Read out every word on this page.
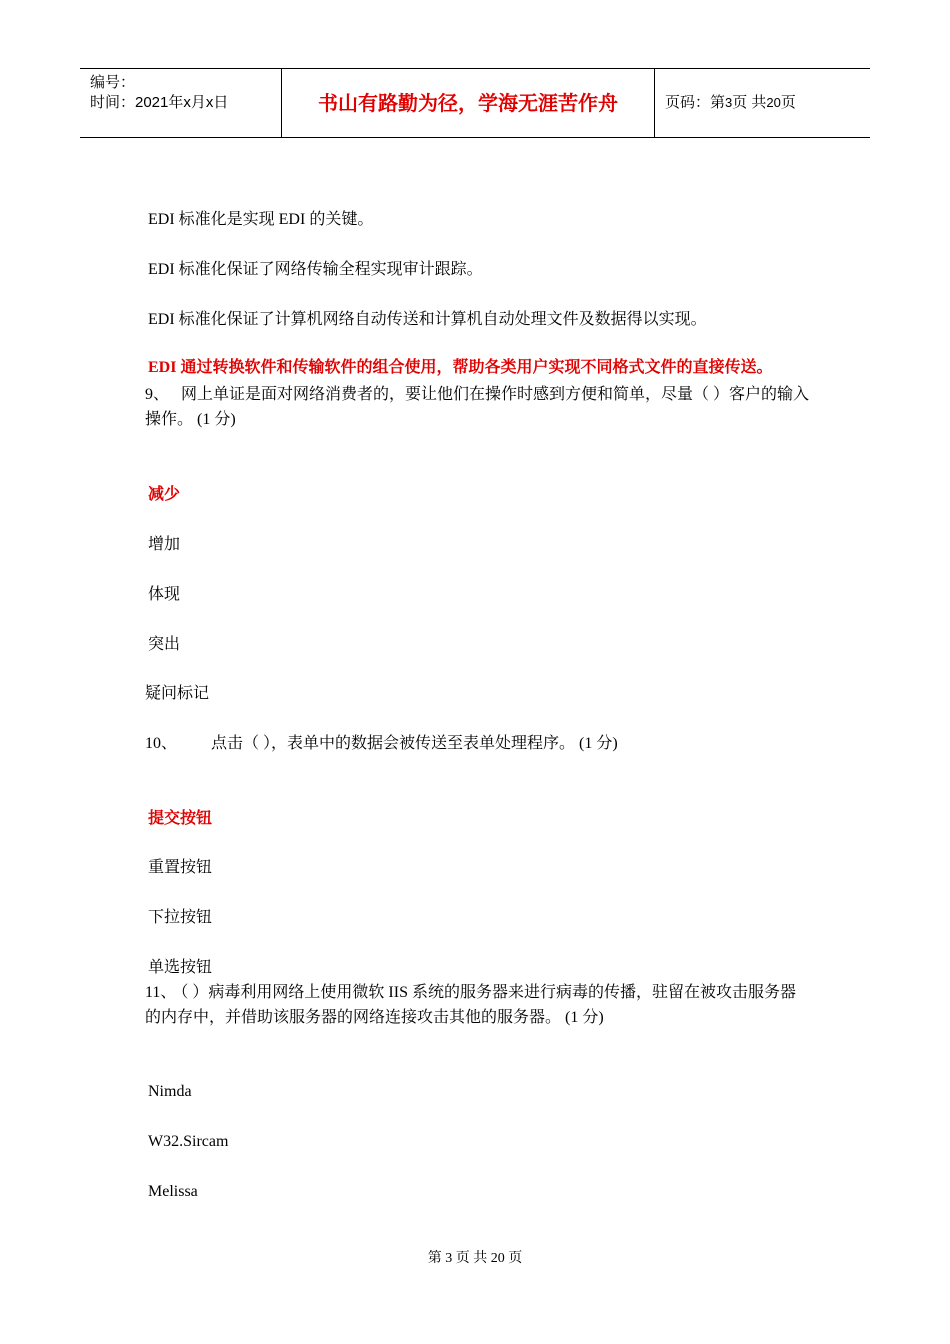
编号：
时间：2021年x月x日	书山有路勤为径，学海无涯苦作舟	页码：第3页 共20页
EDI 标准化是实现 EDI 的关键。
EDI 标准化保证了网络传输全程实现审计跟踪。
EDI 标准化保证了计算机网络自动传送和计算机自动处理文件及数据得以实现。
EDI 通过转换软件和传输软件的组合使用，帮助各类用户实现不同格式文件的直接传送。
9、 网上单证是面对网络消费者的，要让他们在操作时感到方便和简单，尽量（ ）客户的输入操作。 (1 分)
减少
增加
体现
突出
疑问标记
10、 点击（ ），表单中的数据会被传送至表单处理程序。 (1 分)
提交按钮
重置按钮
下拉按钮
单选按钮
11、 （ ）病毒利用网络上使用微软 IIS 系统的服务器来进行病毒的传播，驻留在被攻击服务器的内存中，并借助该服务器的网络连接攻击其他的服务器。 (1 分)
Nimda
W32.Sircam
Melissa
第 3 页 共 20 页
